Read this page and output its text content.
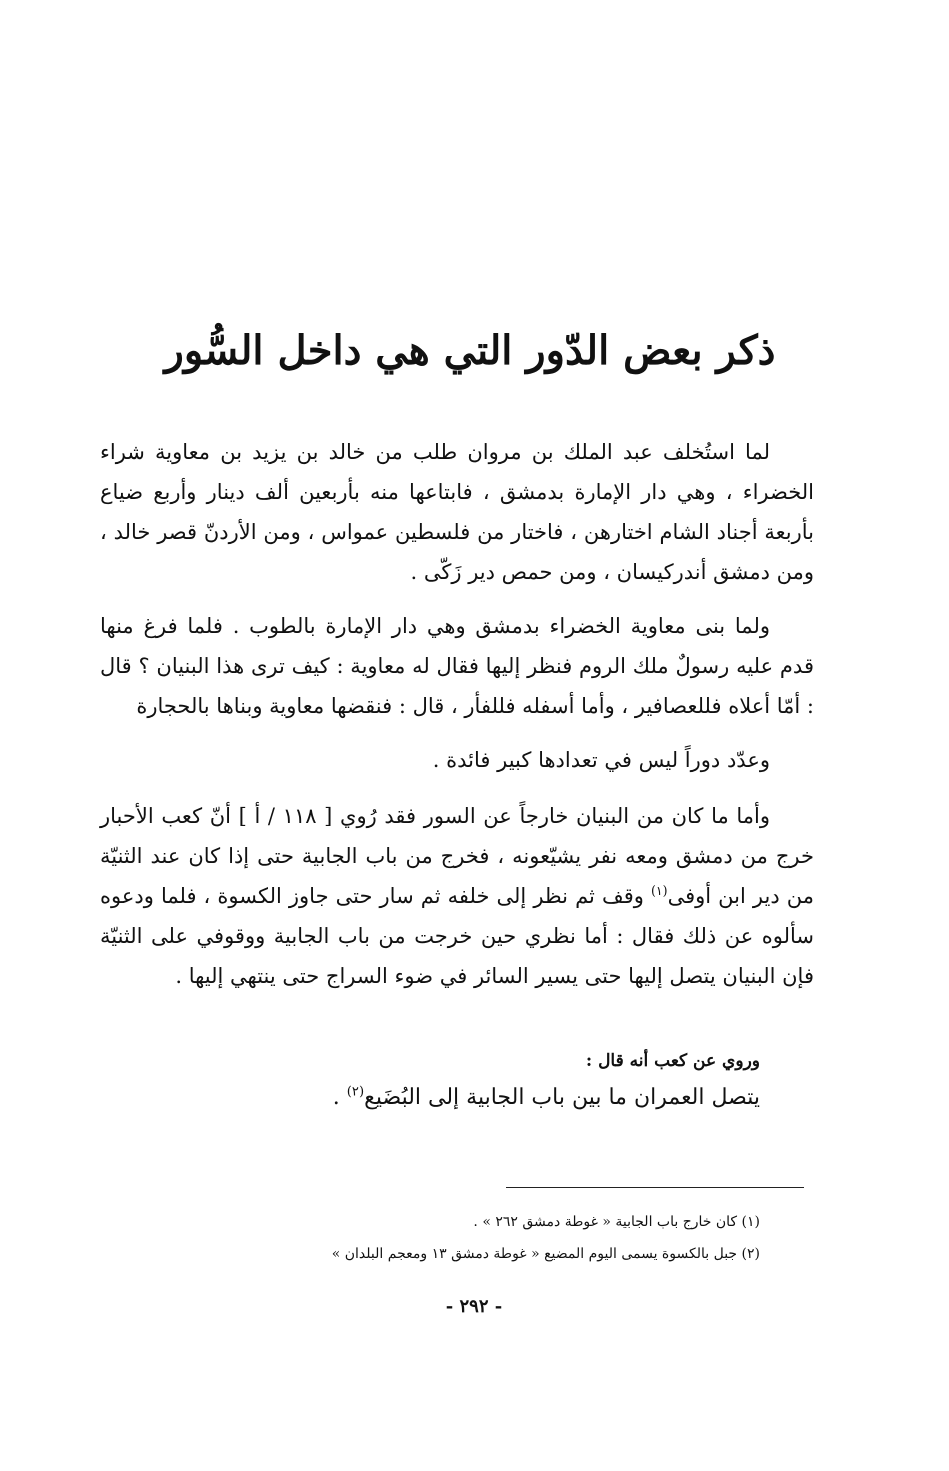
ذكر بعض الدّور التي هي داخل السُّور

لما استُخلف عبد الملك بن مروان طلب من خالد بن يزيد بن معاوية شراء الخضراء ، وهي دار الإمارة بدمشق ، فابتاعها منه بأربعين ألف دينار وأربع ضياع بأربعة أجناد الشام اختارهن ، فاختار من فلسطين عمواس ، ومن الأردنّ قصر خالد ، ومن دمشق أندركيسان ، ومن حمص دير زَكّى .

ولما بنى معاوية الخضراء بدمشق وهي دار الإمارة بالطوب . فلما فرغ منها قدم عليه رسولٌ ملك الروم فنظر إليها فقال له معاوية : كيف ترى هذا البنيان ؟ قال : أمّا أعلاه فللعصافير ، وأما أسفله فللفأر ، قال : فنقضها معاوية وبناها بالحجارة

وعدّد دوراً ليس في تعدادها كبير فائدة .

وأما ما كان من البنيان خارجاً عن السور فقد رُوي [ ١١٨ / أ ] أنّ كعب الأحبار خرج من دمشق ومعه نفر يشيّعونه ، فخرج من باب الجابية حتى إذا كان عند الثنيّة من دير ابن أوفى$^{(١)}$ وقف ثم نظر إلى خلفه ثم سار حتى جاوز الكسوة ، فلما ودعوه سألوه عن ذلك فقال : أما نظري حين خرجت من باب الجابية ووقوفي على الثنيّة فإن البنيان يتصل إليها حتى يسير السائر في ضوء السراج حتى ينتهي إليها .

وروي عن كعب أنه قال :
يتصل العمران ما بين باب الجابية إلى البُضَيع$^{(٢)}$ .

(١) كان خارج باب الجابية « غوطة دمشق ٢٦٢ » .

(٢) جبل بالكسوة يسمى اليوم المضيع « غوطة دمشق ١٣ ومعجم البلدان »

- ٢٩٢ -
